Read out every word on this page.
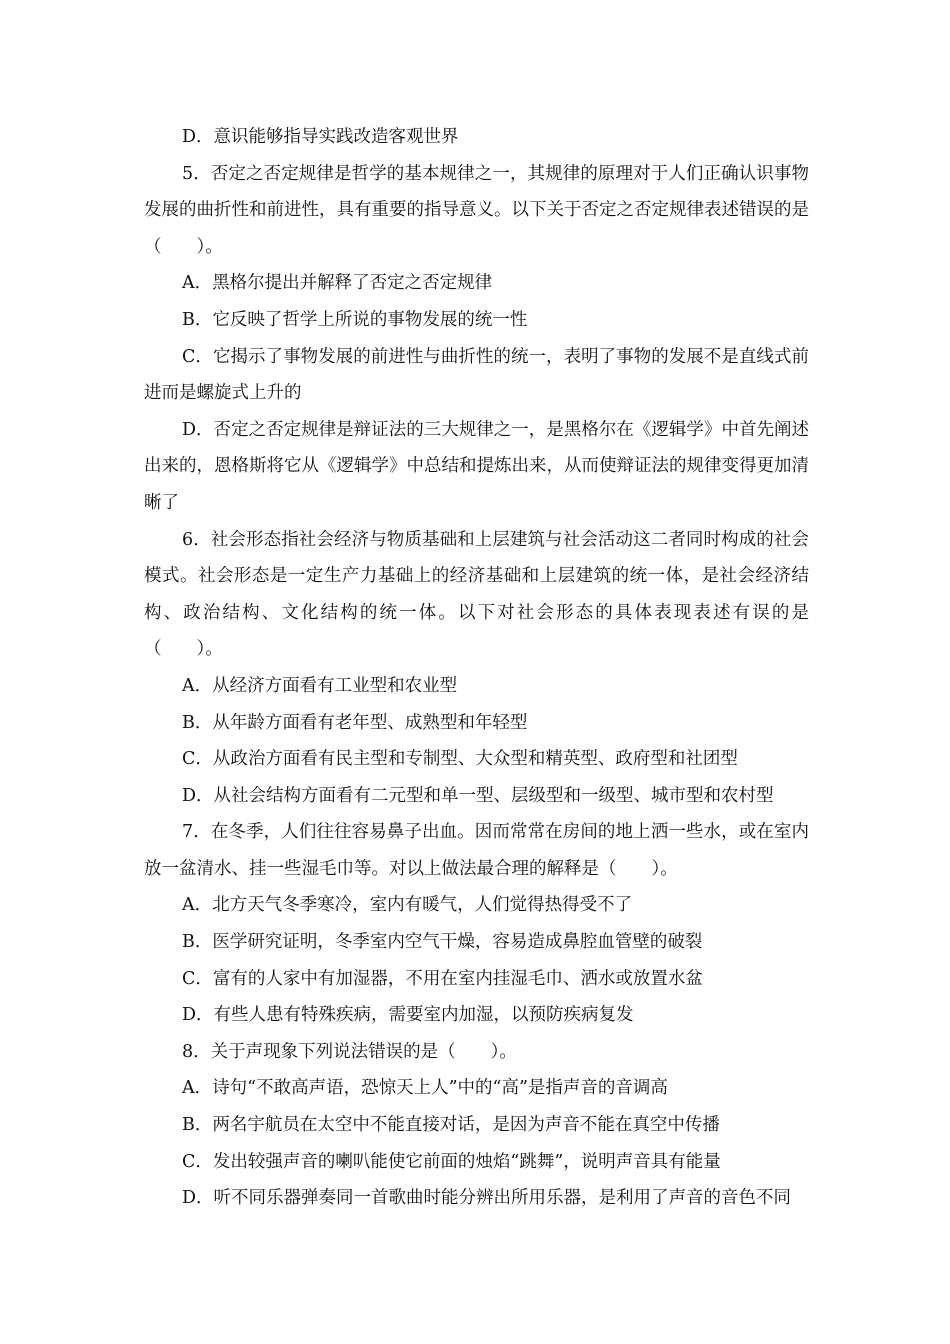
D．意识能够指导实践改造客观世界

5．否定之否定规律是哲学的基本规律之一，其规律的原理对于人们正确认识事物发展的曲折性和前进性，具有重要的指导意义。以下关于否定之否定规律表述错误的是（　　）。

A．黑格尔提出并解释了否定之否定规律

B．它反映了哲学上所说的事物发展的统一性

C．它揭示了事物发展的前进性与曲折性的统一，表明了事物的发展不是直线式前进而是螺旋式上升的

D．否定之否定规律是辩证法的三大规律之一，是黑格尔在《逻辑学》中首先阐述出来的，恩格斯将它从《逻辑学》中总结和提炼出来，从而使辩证法的规律变得更加清晰了

6．社会形态指社会经济与物质基础和上层建筑与社会活动这二者同时构成的社会模式。社会形态是一定生产力基础上的经济基础和上层建筑的统一体，是社会经济结构、政治结构、文化结构的统一体。以下对社会形态的具体表现表述有误的是（　　）。

A．从经济方面看有工业型和农业型

B．从年龄方面看有老年型、成熟型和年轻型

C．从政治方面看有民主型和专制型、大众型和精英型、政府型和社团型

D．从社会结构方面看有二元型和单一型、层级型和一级型、城市型和农村型

7．在冬季，人们往往容易鼻子出血。因而常常在房间的地上洒一些水，或在室内放一盆清水、挂一些湿毛巾等。对以上做法最合理的解释是（　　）。

A．北方天气冬季寒冷，室内有暖气，人们觉得热得受不了

B．医学研究证明，冬季室内空气干燥，容易造成鼻腔血管壁的破裂

C．富有的人家中有加湿器，不用在室内挂湿毛巾、洒水或放置水盆

D．有些人患有特殊疾病，需要室内加湿，以预防疾病复发

8．关于声现象下列说法错误的是（　　）。

A．诗句“不敢高声语，恐惊天上人”中的“高”是指声音的音调高

B．两名宇航员在太空中不能直接对话，是因为声音不能在真空中传播

C．发出较强声音的喇叭能使它前面的烛焰“跳舞”，说明声音具有能量

D．听不同乐器弹奏同一首歌曲时能分辨出所用乐器，是利用了声音的音色不同
